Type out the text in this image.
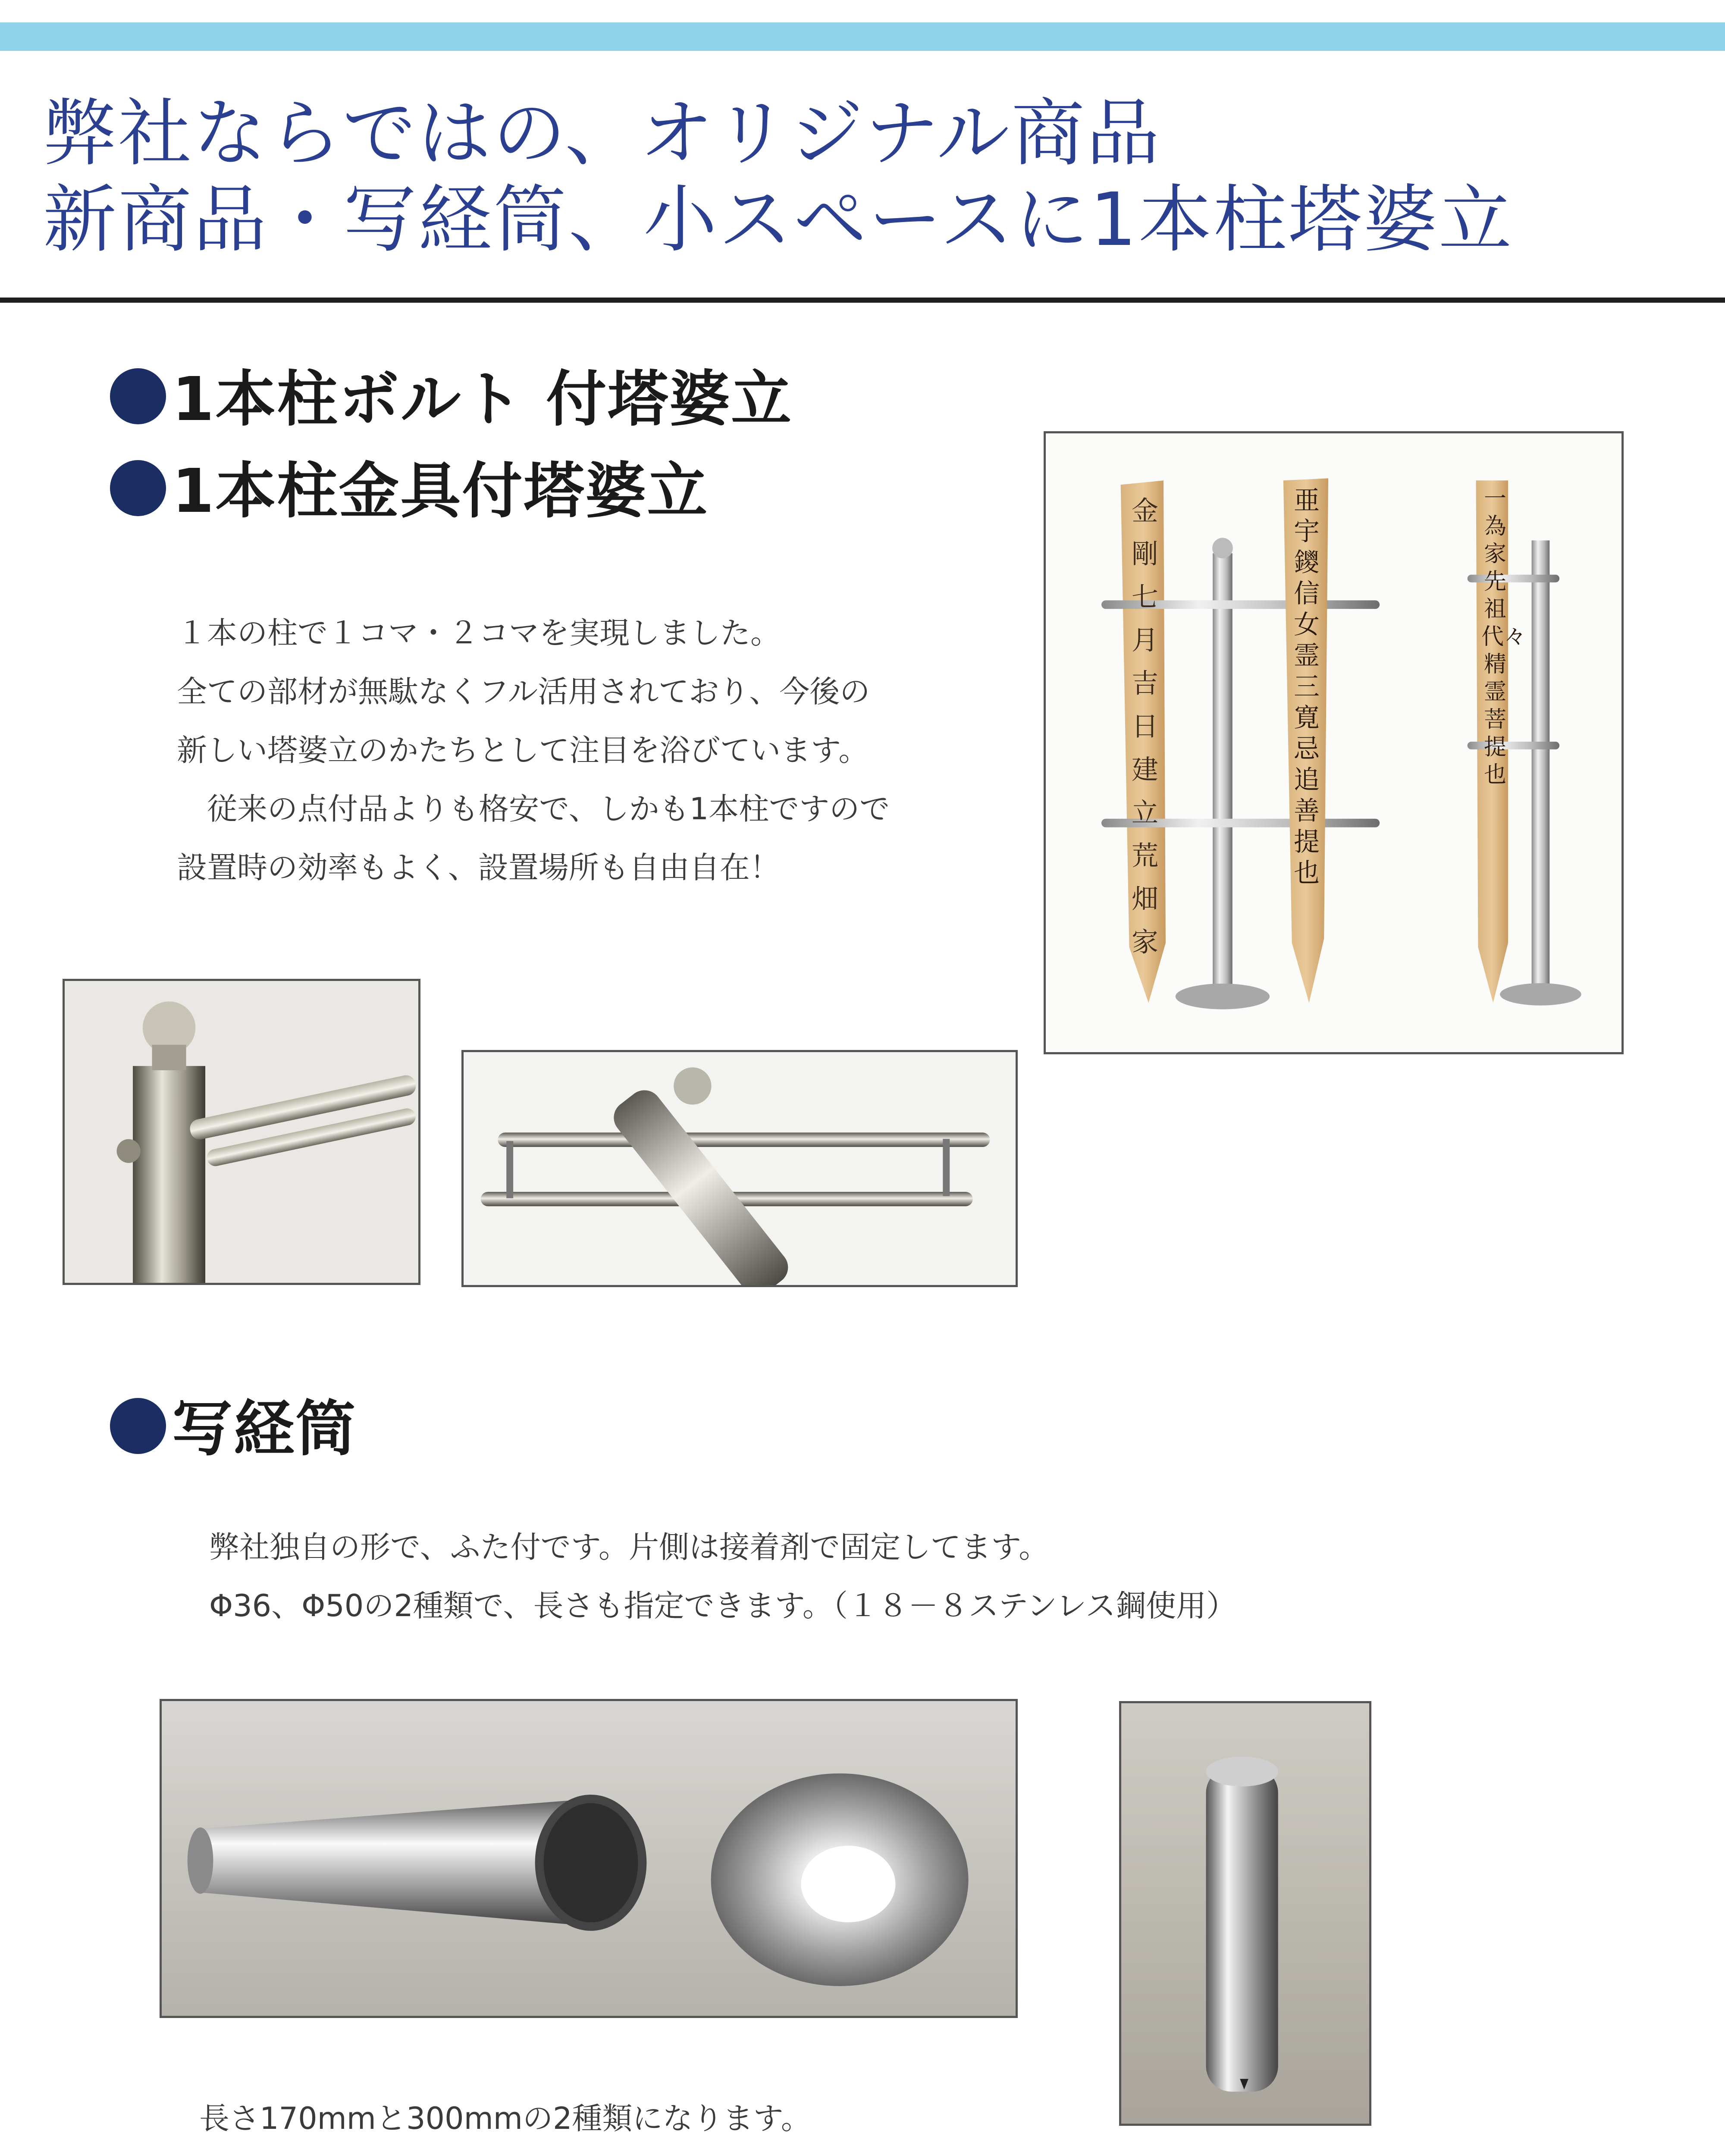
弊社ならではの、オリジナル商品
新商品・写経筒、小スペースに1本柱塔婆立
1本柱ボルト 付塔婆立
1本柱金具付塔婆立
１本の柱で１コマ・２コマを実現しました。
全ての部材が無駄なくフル活用されており、今後の
新しい塔婆立のかたちとして注目を浴びています。
　従来の点付品よりも格安で、しかも1本柱ですので
設置時の効率もよく、設置場所も自由自在！
金剛
七月
吉日
建立
荒畑
家
亜宇鑁 信女 霊 三寛 忌 追善 提也
一 為 家 先祖代々 精霊 菩提 也
写経筒
弊社独自の形で、ふた付です。片側は接着剤で固定してます。
Φ36、Φ50の2種類で、長さも指定できます。（１８－８ステンレス鋼使用）
長さ170mmと300mmの2種類になります。
